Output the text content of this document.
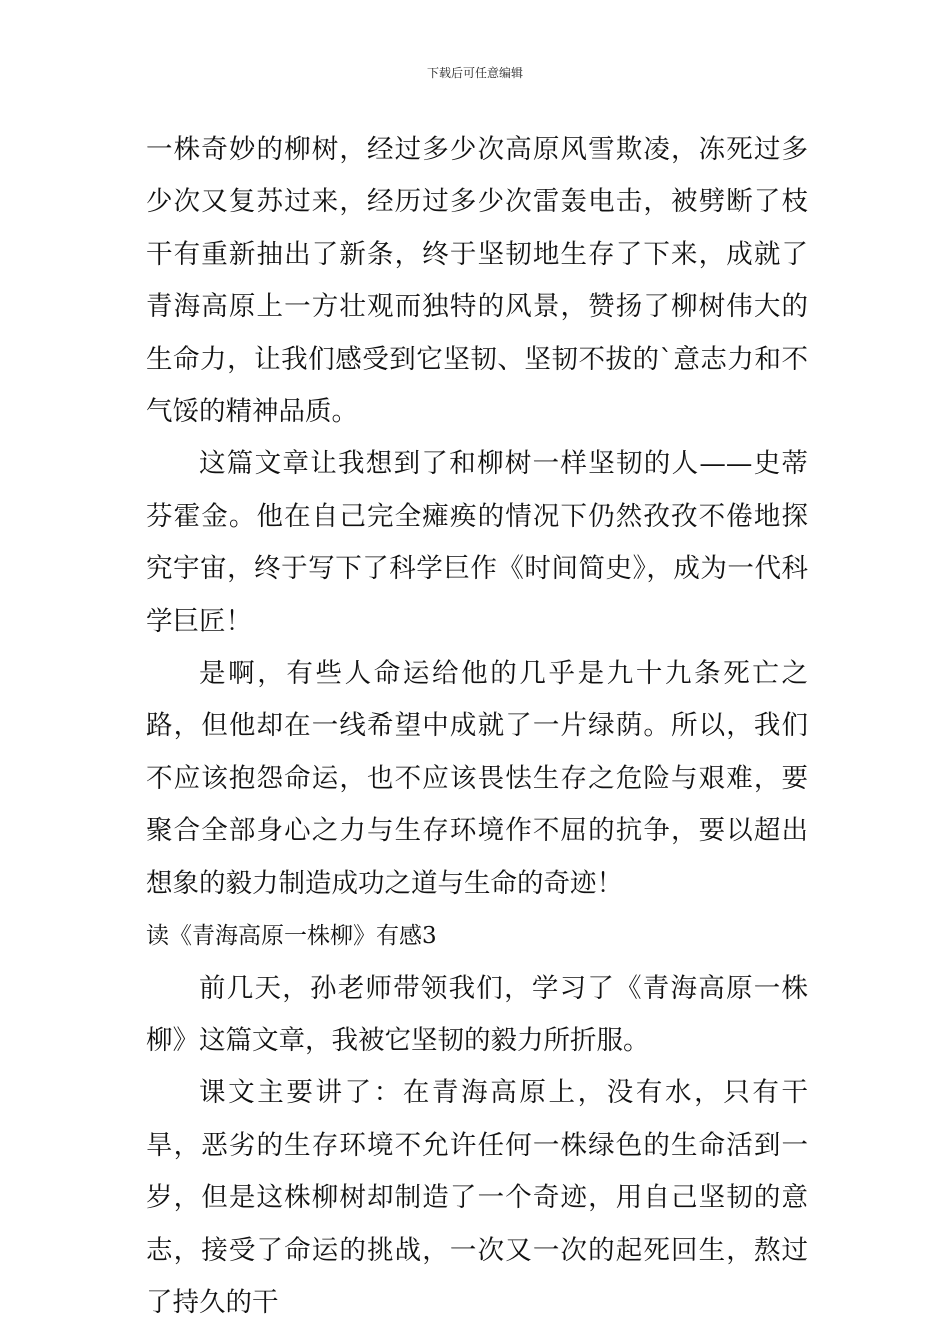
下载后可任意编辑

一株奇妙的柳树，经过多少次高原风雪欺凌，冻死过多少次又复苏过来，经历过多少次雷轰电击，被劈断了枝干有重新抽出了新条，终于坚韧地生存了下来，成就了青海高原上一方壮观而独特的风景，赞扬了柳树伟大的生命力，让我们感受到它坚韧、坚韧不拔的`意志力和不气馁的精神品质。

这篇文章让我想到了和柳树一样坚韧的人——史蒂芬霍金。他在自己完全瘫痪的情况下仍然孜孜不倦地探究宇宙，终于写下了科学巨作《时间简史》，成为一代科学巨匠！

是啊，有些人命运给他的几乎是九十九条死亡之路，但他却在一线希望中成就了一片绿荫。所以，我们不应该抱怨命运，也不应该畏怯生存之危险与艰难，要聚合全部身心之力与生存环境作不屈的抗争，要以超出想象的毅力制造成功之道与生命的奇迹！

读《青海高原一株柳》有感3

前几天，孙老师带领我们，学习了《青海高原一株柳》这篇文章，我被它坚韧的毅力所折服。

课文主要讲了：在青海高原上，没有水，只有干旱，恶劣的生存环境不允许任何一株绿色的生命活到一岁，但是这株柳树却制造了一个奇迹，用自己坚韧的意志，接受了命运的挑战，一次又一次的起死回生，熬过了持久的干
